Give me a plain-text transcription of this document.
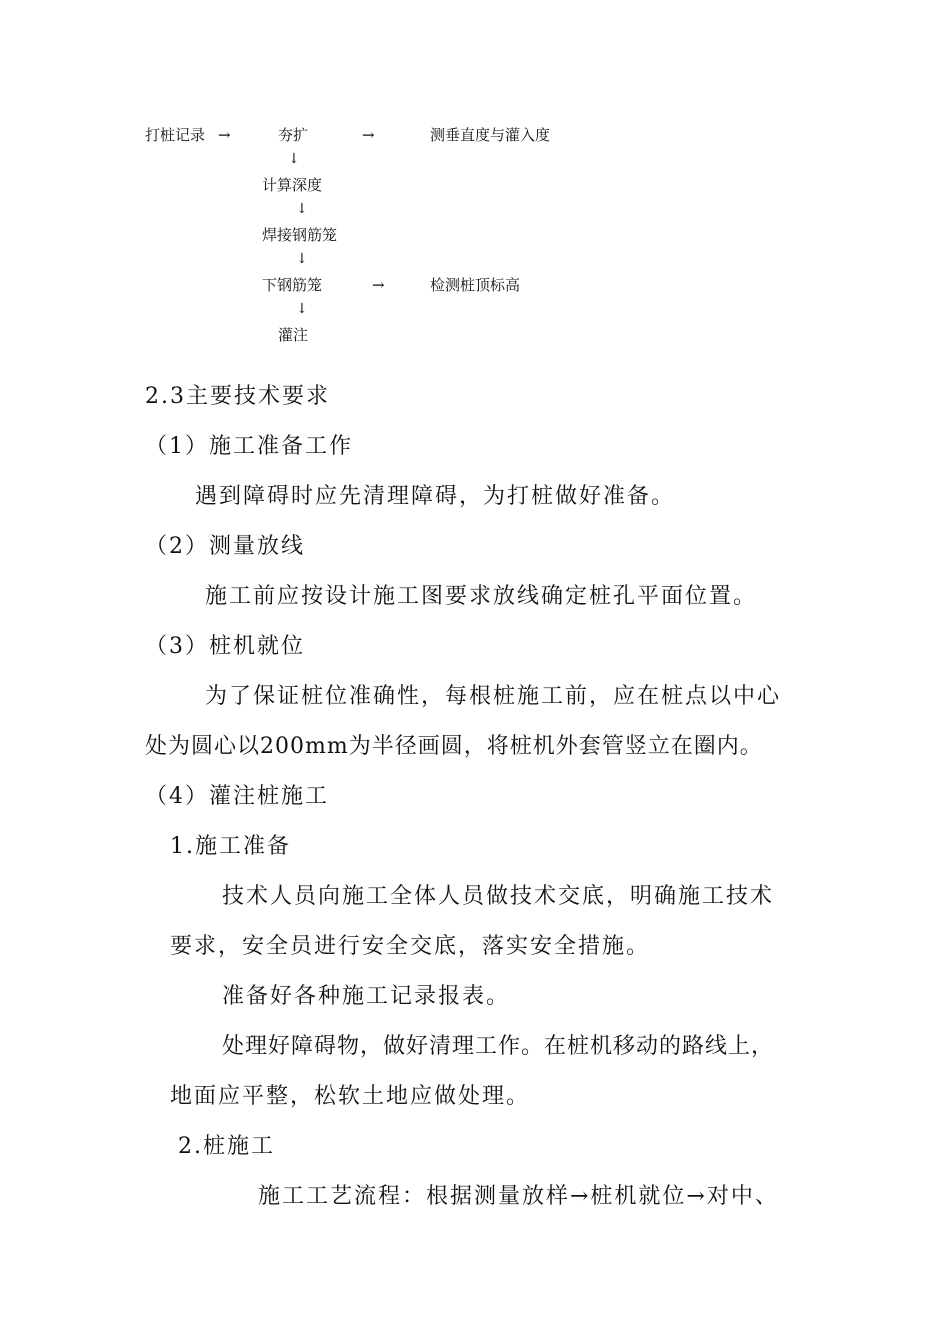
打桩记录 →	夯扩	→	测垂直度与灌入度
↓
计算深度
↓
焊接钢筋笼
↓
下钢筋笼	→	检测桩顶标高
↓
灌注
2.3主要技术要求
（1）施工准备工作
遇到障碍时应先清理障碍，为打桩做好准备。
（2）测量放线
施工前应按设计施工图要求放线确定桩孔平面位置。
（3）桩机就位
为了保证桩位准确性，每根桩施工前，应在桩点以中心
处为圆心以200mm为半径画圆，将桩机外套管竖立在圈内。
（4）灌注桩施工
1.施工准备
技术人员向施工全体人员做技术交底，明确施工技术
要求，安全员进行安全交底，落实安全措施。
准备好各种施工记录报表。
处理好障碍物，做好清理工作。在桩机移动的路线上，
地面应平整，松软土地应做处理。
2.桩施工
施工工艺流程：根据测量放样→桩机就位→对中、
